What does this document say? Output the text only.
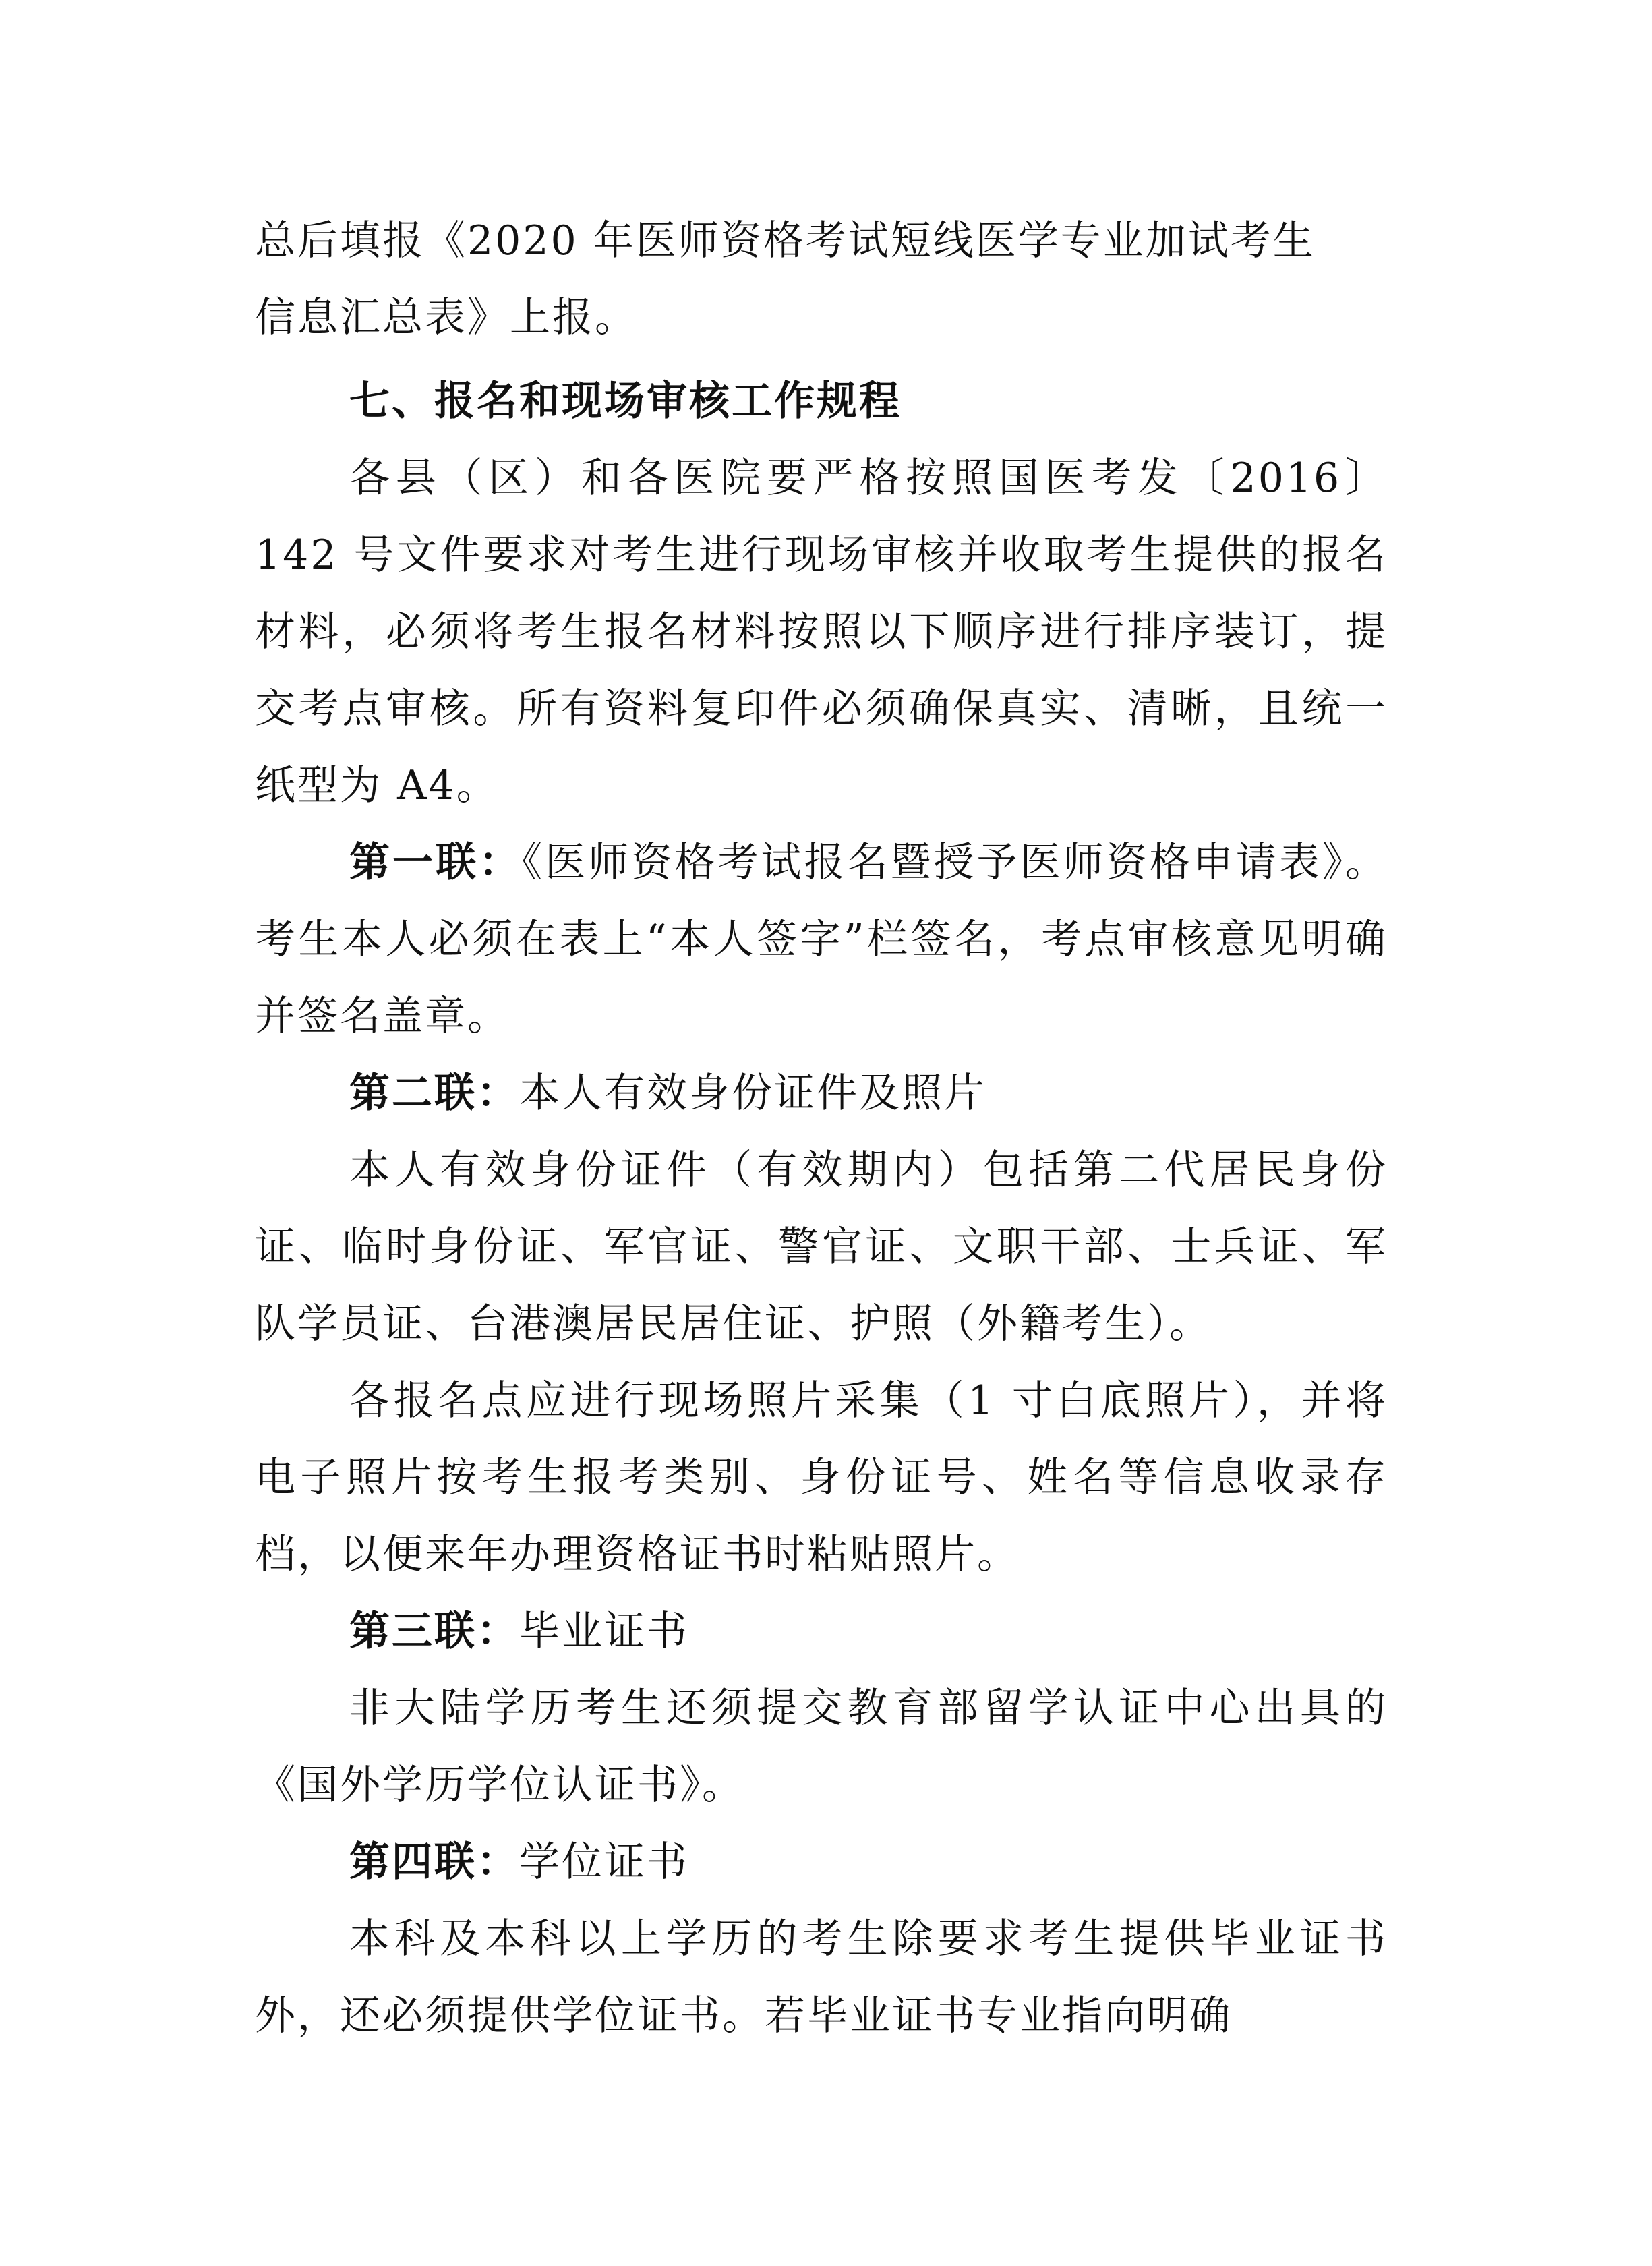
总后填报《2020 年医师资格考试短线医学专业加试考生
信息汇总表》上报。

七、报名和现场审核工作规程

各县（区）和各医院要严格按照国医考发〔2016〕142 号文件要求对考生进行现场审核并收取考生提供的报名材料，必须将考生报名材料按照以下顺序进行排序装订，提交考点审核。所有资料复印件必须确保真实、清晰，且统一纸型为 A4。

第一联：《医师资格考试报名暨授予医师资格申请表》。考生本人必须在表上“本人签字”栏签名，考点审核意见明确并签名盖章。

第二联：本人有效身份证件及照片

本人有效身份证件（有效期内）包括第二代居民身份证、临时身份证、军官证、警官证、文职干部、士兵证、军队学员证、台港澳居民居住证、护照（外籍考生）。

各报名点应进行现场照片采集（1 寸白底照片），并将电子照片按考生报考类别、身份证号、姓名等信息收录存档，以便来年办理资格证书时粘贴照片。

第三联：毕业证书

非大陆学历考生还须提交教育部留学认证中心出具的《国外学历学位认证书》。

第四联：学位证书

本科及本科以上学历的考生除要求考生提供毕业证书外，还必须提供学位证书。若毕业证书专业指向明确
